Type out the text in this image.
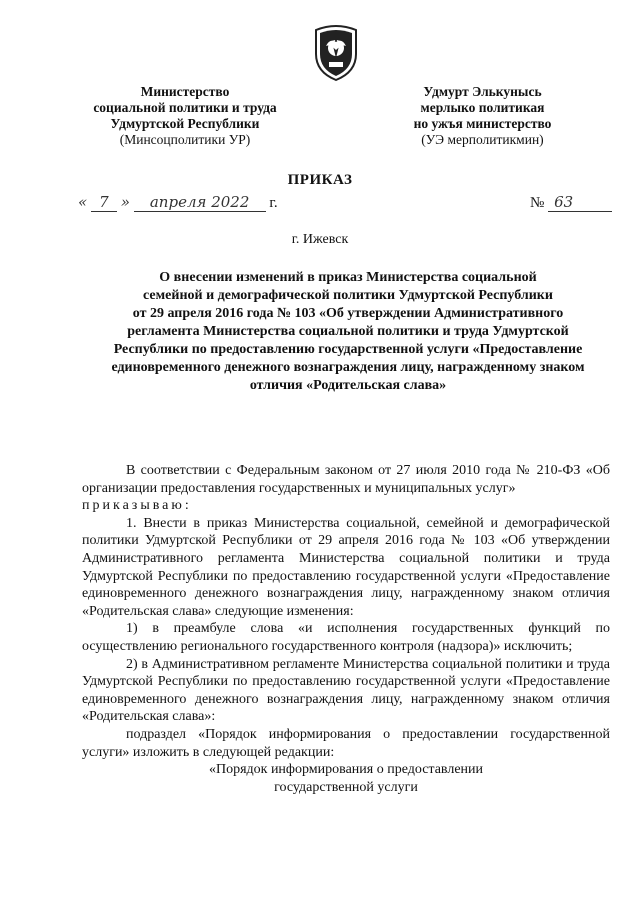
Министерство
социальной политики и труда
Удмуртской Республики
(Минсоцполитики УР)
Удмурт Элькунысь
мерлыко политикая
но ужъя министерство
(УЭ мерполитикмин)
ПРИКАЗ
« 7 » апреля 2022 г.	№ 63
г. Ижевск
О внесении изменений в приказ Министерства социальной
семейной и демографической политики Удмуртской Республики
от 29 апреля 2016 года № 103 «Об утверждении Административного
регламента Министерства социальной политики и труда Удмуртской
Республики по предоставлению государственной услуги «Предоставление
единовременного денежного вознаграждения лицу, награжденному знаком
отличия «Родительская слава»

В соответствии с Федеральным законом от 27 июля 2010 года № 210-ФЗ «Об организации предоставления государственных и муниципальных услуг»

приказываю:

1. Внести в приказ Министерства социальной, семейной и демографической политики Удмуртской Республики от 29 апреля 2016 года № 103 «Об утверждении Административного регламента Министерства социальной политики и труда Удмуртской Республики по предоставлению государственной услуги «Предоставление единовременного денежного вознаграждения лицу, награжденному знаком отличия «Родительская слава» следующие изменения:

1) в преамбуле слова «и исполнения государственных функций по осуществлению регионального государственного контроля (надзора)» исключить;

2) в Административном регламенте Министерства социальной политики и труда Удмуртской Республики по предоставлению государственной услуги «Предоставление единовременного денежного вознаграждения лицу, награжденному знаком отличия «Родительская слава»:

подраздел «Порядок информирования о предоставлении государственной услуги» изложить в следующей редакции:

«Порядок информирования о предоставлении

государственной услуги
